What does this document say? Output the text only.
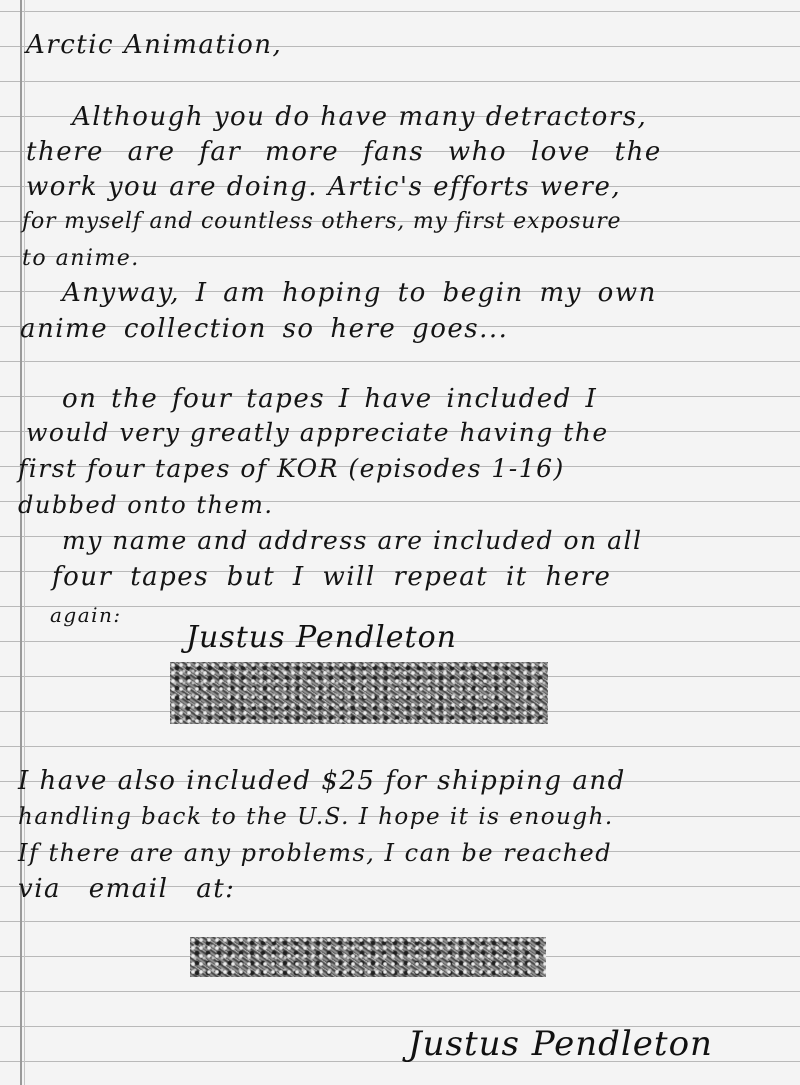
Arctic Animation,

Although you do have many detractors,

there are far more fans who love the

work you are doing. Artic's efforts were,

for myself and countless others, my first exposure

to anime.

Anyway, I am hoping to begin my own

anime collection so here goes...

on the four tapes I have included I

would very greatly appreciate having the

first four tapes of KOR (episodes 1-16)

dubbed onto them.

my name and address are included on all

four tapes but I will repeat it here

again:

Justus Pendleton

I have also included $25 for shipping and

handling back to the U.S. I hope it is enough.

If there are any problems, I can be reached

via email at:

Justus Pendleton
